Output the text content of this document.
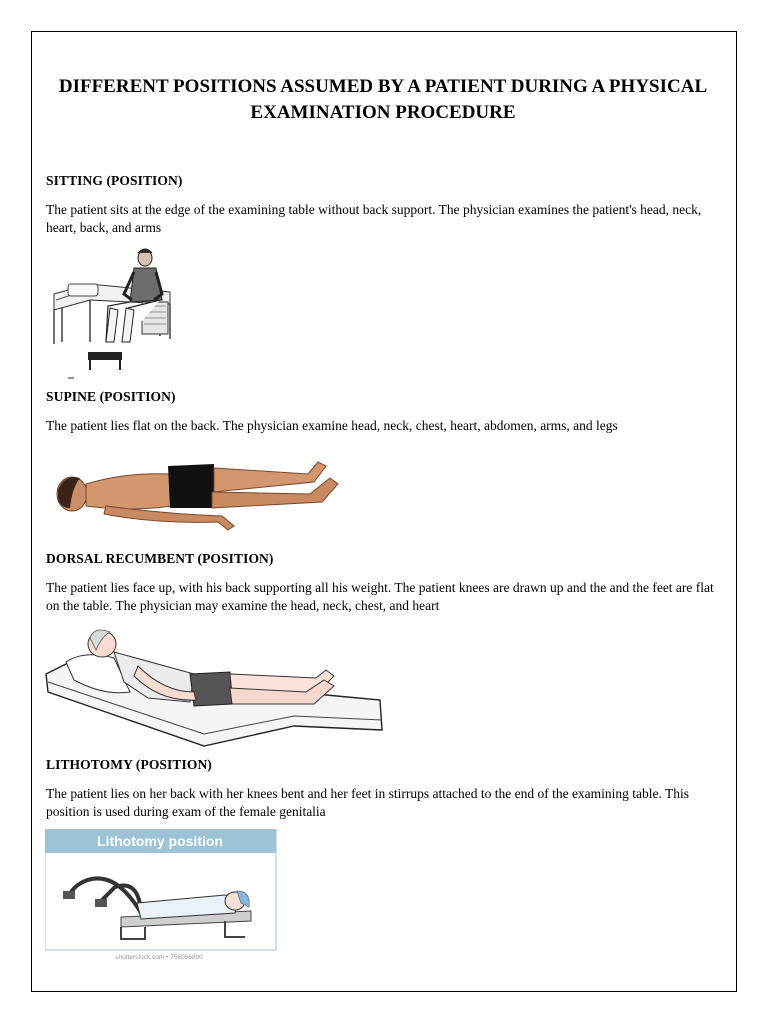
DIFFERENT POSITIONS ASSUMED BY A PATIENT DURING A PHYSICAL EXAMINATION PROCEDURE
SITTING (POSITION)

The patient sits at the edge of the examining table without back support. The physician examines the patient's head, neck, heart, back, and arms

SUPINE (POSITION)

The patient lies flat on the back. The physician examine head, neck, chest, heart, abdomen, arms, and legs

DORSAL RECUMBENT (POSITION)

The patient lies face up, with his back supporting all his weight. The patient knees are drawn up and the and the feet are flat on the table. The physician may examine the head, neck, chest, and heart

LITHOTOMY (POSITION)

The patient lies on her back with her knees bent and her feet in stirrups attached to the end of the examining table. This position is used during exam of the female genitalia

Lithotomy position
shutterstock.com • 756056890
